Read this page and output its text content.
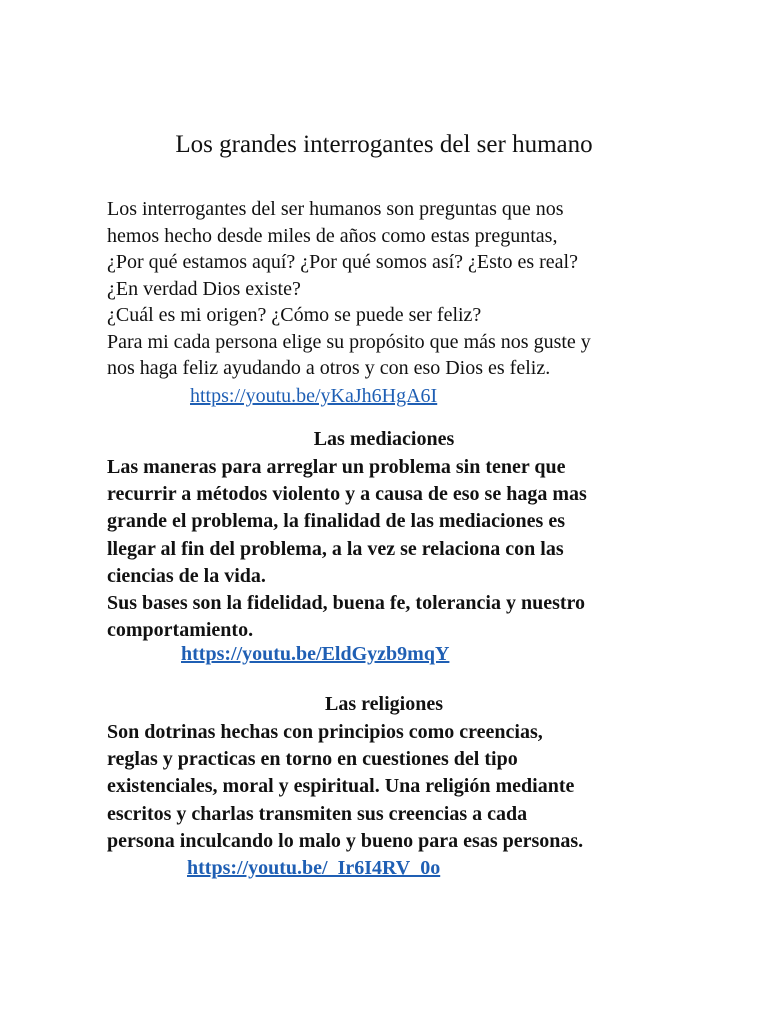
Los grandes interrogantes del ser humano

Los interrogantes del ser humanos son preguntas que nos
hemos hecho desde miles de años como estas preguntas,
¿Por qué estamos aquí? ¿Por qué somos así? ¿Esto es real?
¿En verdad Dios existe?
¿Cuál es mi origen? ¿Cómo se puede ser feliz?
Para mi cada persona elige su propósito que más nos guste y
nos haga feliz ayudando a otros y con eso Dios es feliz.

https://youtu.be/yKaJh6HgA6I
Las mediaciones

Las maneras para arreglar un problema sin tener que
recurrir a métodos violento y a causa de eso se haga mas
grande el problema, la finalidad de las mediaciones es
llegar al fin del problema, a la vez se relaciona con las
ciencias de la vida.
Sus bases son la fidelidad, buena fe, tolerancia y nuestro
comportamiento.

https://youtu.be/EldGyzb9mqY
Las religiones

Son dotrinas hechas con principios como creencias,
reglas y practicas en torno en cuestiones del tipo
existenciales, moral y espiritual. Una religión mediante
escritos y charlas transmiten sus creencias a cada
persona inculcando lo malo y bueno para esas personas.

https://youtu.be/_Ir6I4RV_0o
